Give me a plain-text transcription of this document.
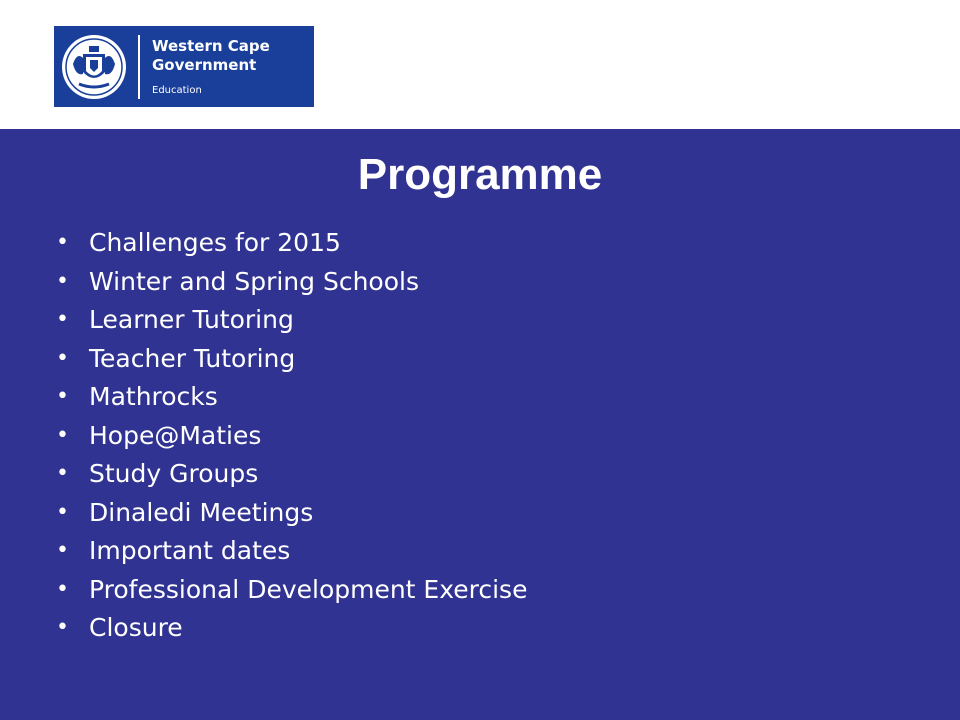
Western Cape
Government
Education
Programme
• Challenges for 2015
• Winter and Spring Schools
• Learner Tutoring
• Teacher Tutoring
• Mathrocks
• Hope@Maties
• Study Groups
• Dinaledi Meetings
• Important dates
• Professional Development Exercise
• Closure
